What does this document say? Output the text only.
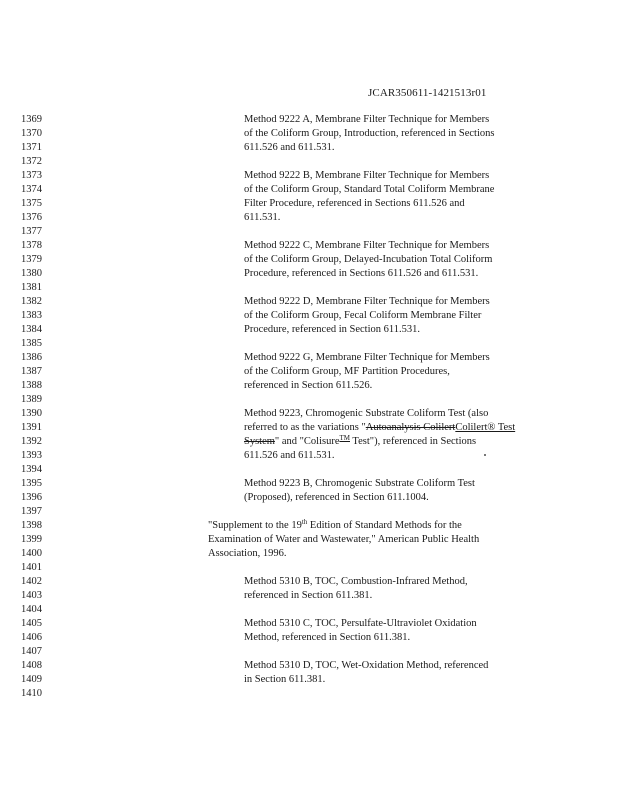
JCAR350611-1421513r01
1369
1370
1371
1372
1373
1374
1375
1376
1377
1378
1379
1380
1381
1382
1383
1384
1385
1386
1387
1388
1389
1390
1391
1392
1393
1394
1395
1396
1397
1398
1399
1400
1401
1402
1403
1404
1405
1406
1407
1408
1409
1410
Method 9222 A, Membrane Filter Technique for Members
of the Coliform Group, Introduction, referenced in Sections
611.526 and 611.531.
Method 9222 B, Membrane Filter Technique for Members
of the Coliform Group, Standard Total Coliform Membrane
Filter Procedure, referenced in Sections 611.526 and
611.531.
Method 9222 C, Membrane Filter Technique for Members
of the Coliform Group, Delayed-Incubation Total Coliform
Procedure, referenced in Sections 611.526 and 611.531.
Method 9222 D, Membrane Filter Technique for Members
of the Coliform Group, Fecal Coliform Membrane Filter
Procedure, referenced in Section 611.531.
Method 9222 G, Membrane Filter Technique for Members
of the Coliform Group, MF Partition Procedures,
referenced in Section 611.526.
Method 9223, Chromogenic Substrate Coliform Test (also
referred to as the variations "Autoanalysis ColilertColilert® Test
System" and "Colisure™ Test"), referenced in Sections
611.526 and 611.531.
Method 9223 B, Chromogenic Substrate Coliform Test
(Proposed), referenced in Section 611.1004.
"Supplement to the 19th Edition of Standard Methods for the
Examination of Water and Wastewater," American Public Health
Association, 1996.
Method 5310 B, TOC, Combustion-Infrared Method,
referenced in Section 611.381.
Method 5310 C, TOC, Persulfate-Ultraviolet Oxidation
Method, referenced in Section 611.381.
Method 5310 D, TOC, Wet-Oxidation Method, referenced
in Section 611.381.
